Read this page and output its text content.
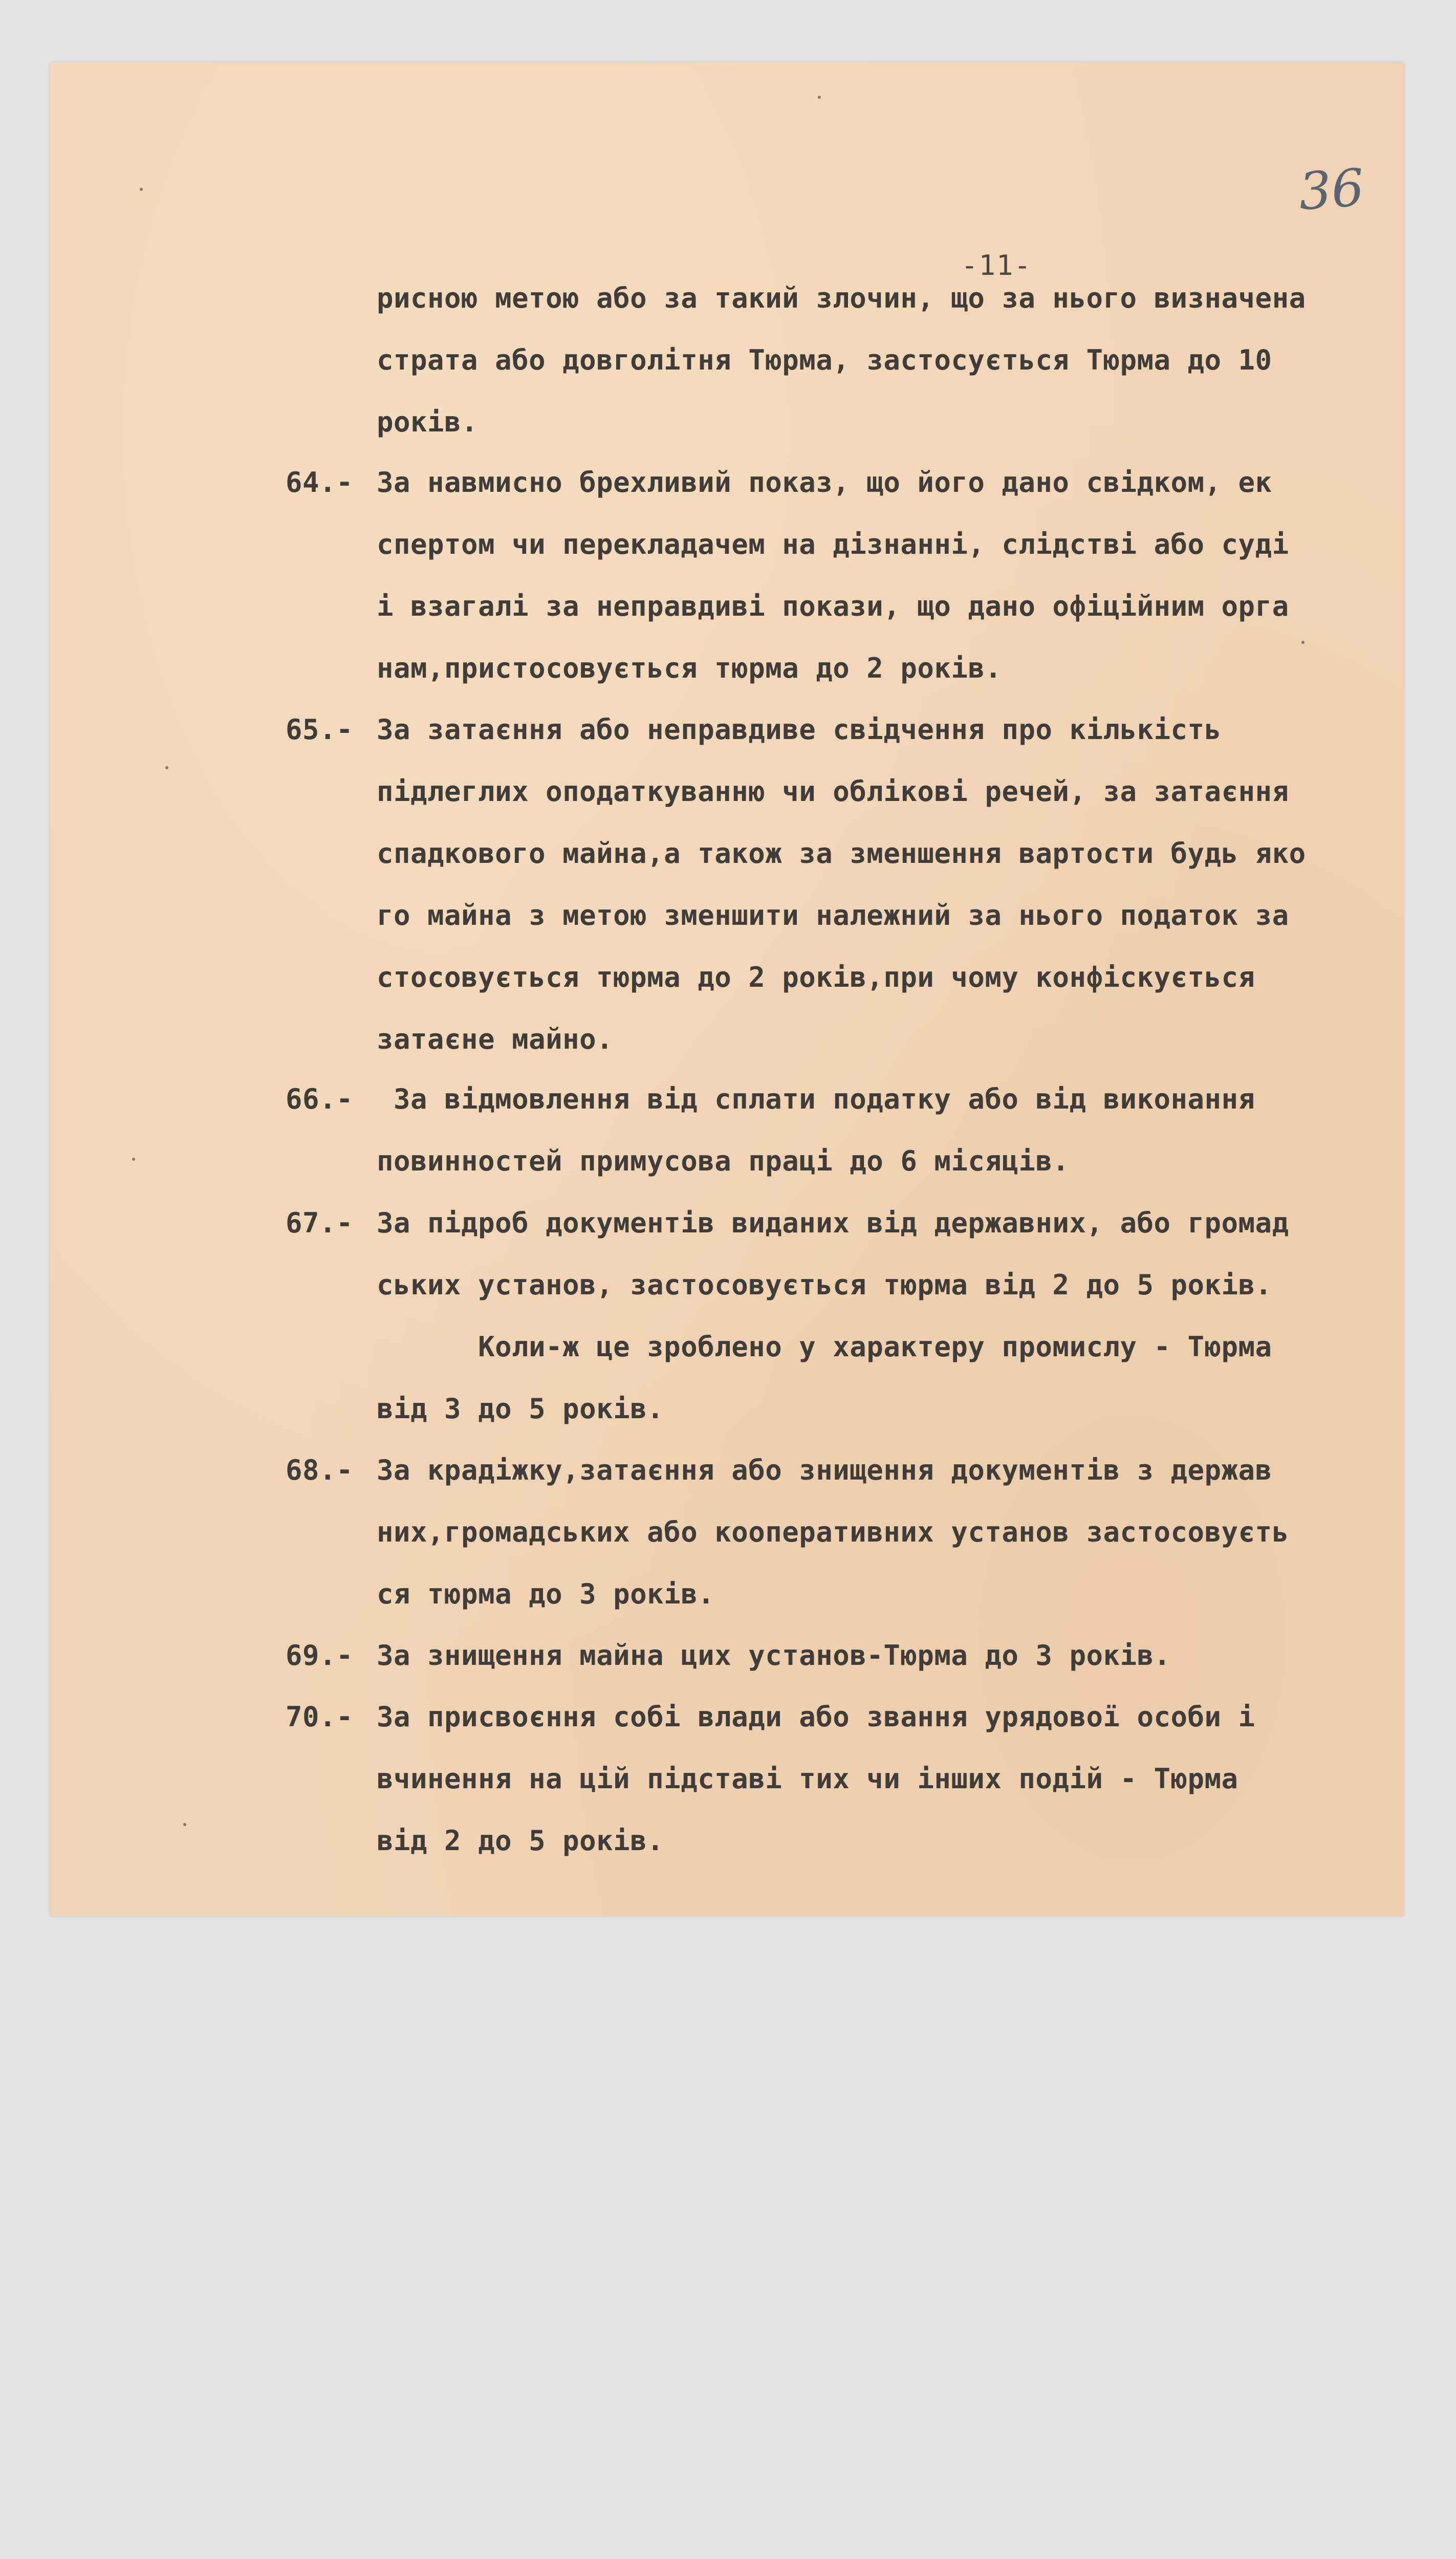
36
-11-

рисною метою або за такий злочин, що за нього визначена

страта або довголітня Тюрма, застосується Тюрма до 10

років.

64.-

За навмисно брехливий показ, що його дано свідком, ек

спертом чи перекладачем на дізнанні, слідстві або суді

і взагалі за неправдиві покази, що дано офіційним орга

нам,пристосовується тюрма до 2 років.

65.-

За затаєння або неправдиве свідчення про кількість

підлеглих оподаткуванню чи обліковi речей, за затаєння

спадкового майна,а також за зменшення вартости будь яко

го майна з метою зменшити належний за нього податок за

стосовується тюрма до 2 років,при чому конфіскується

затаєне майно.

66.-

За відмовлення від сплати податку або від виконання

повинностей примусова праці до 6 місяців.

67.-

За підроб документів виданих від державних, або громад

ських установ, застосовується тюрма від 2 до 5 років.

Коли-ж це зроблено у характеру промислу - Тюрма

від 3 до 5 років.

68.-

За крадіжку,затаєння або знищення документів з держав

них,громадських або кооперативних установ застосовуєть

ся тюрма до 3 років.

69.-

За знищення майна цих установ-Тюрма до 3 років.

70.-

За присвоєння собі влади або звання урядової особи і

вчинення на цій підставі тих чи інших подій - Тюрма

від 2 до 5 років.
